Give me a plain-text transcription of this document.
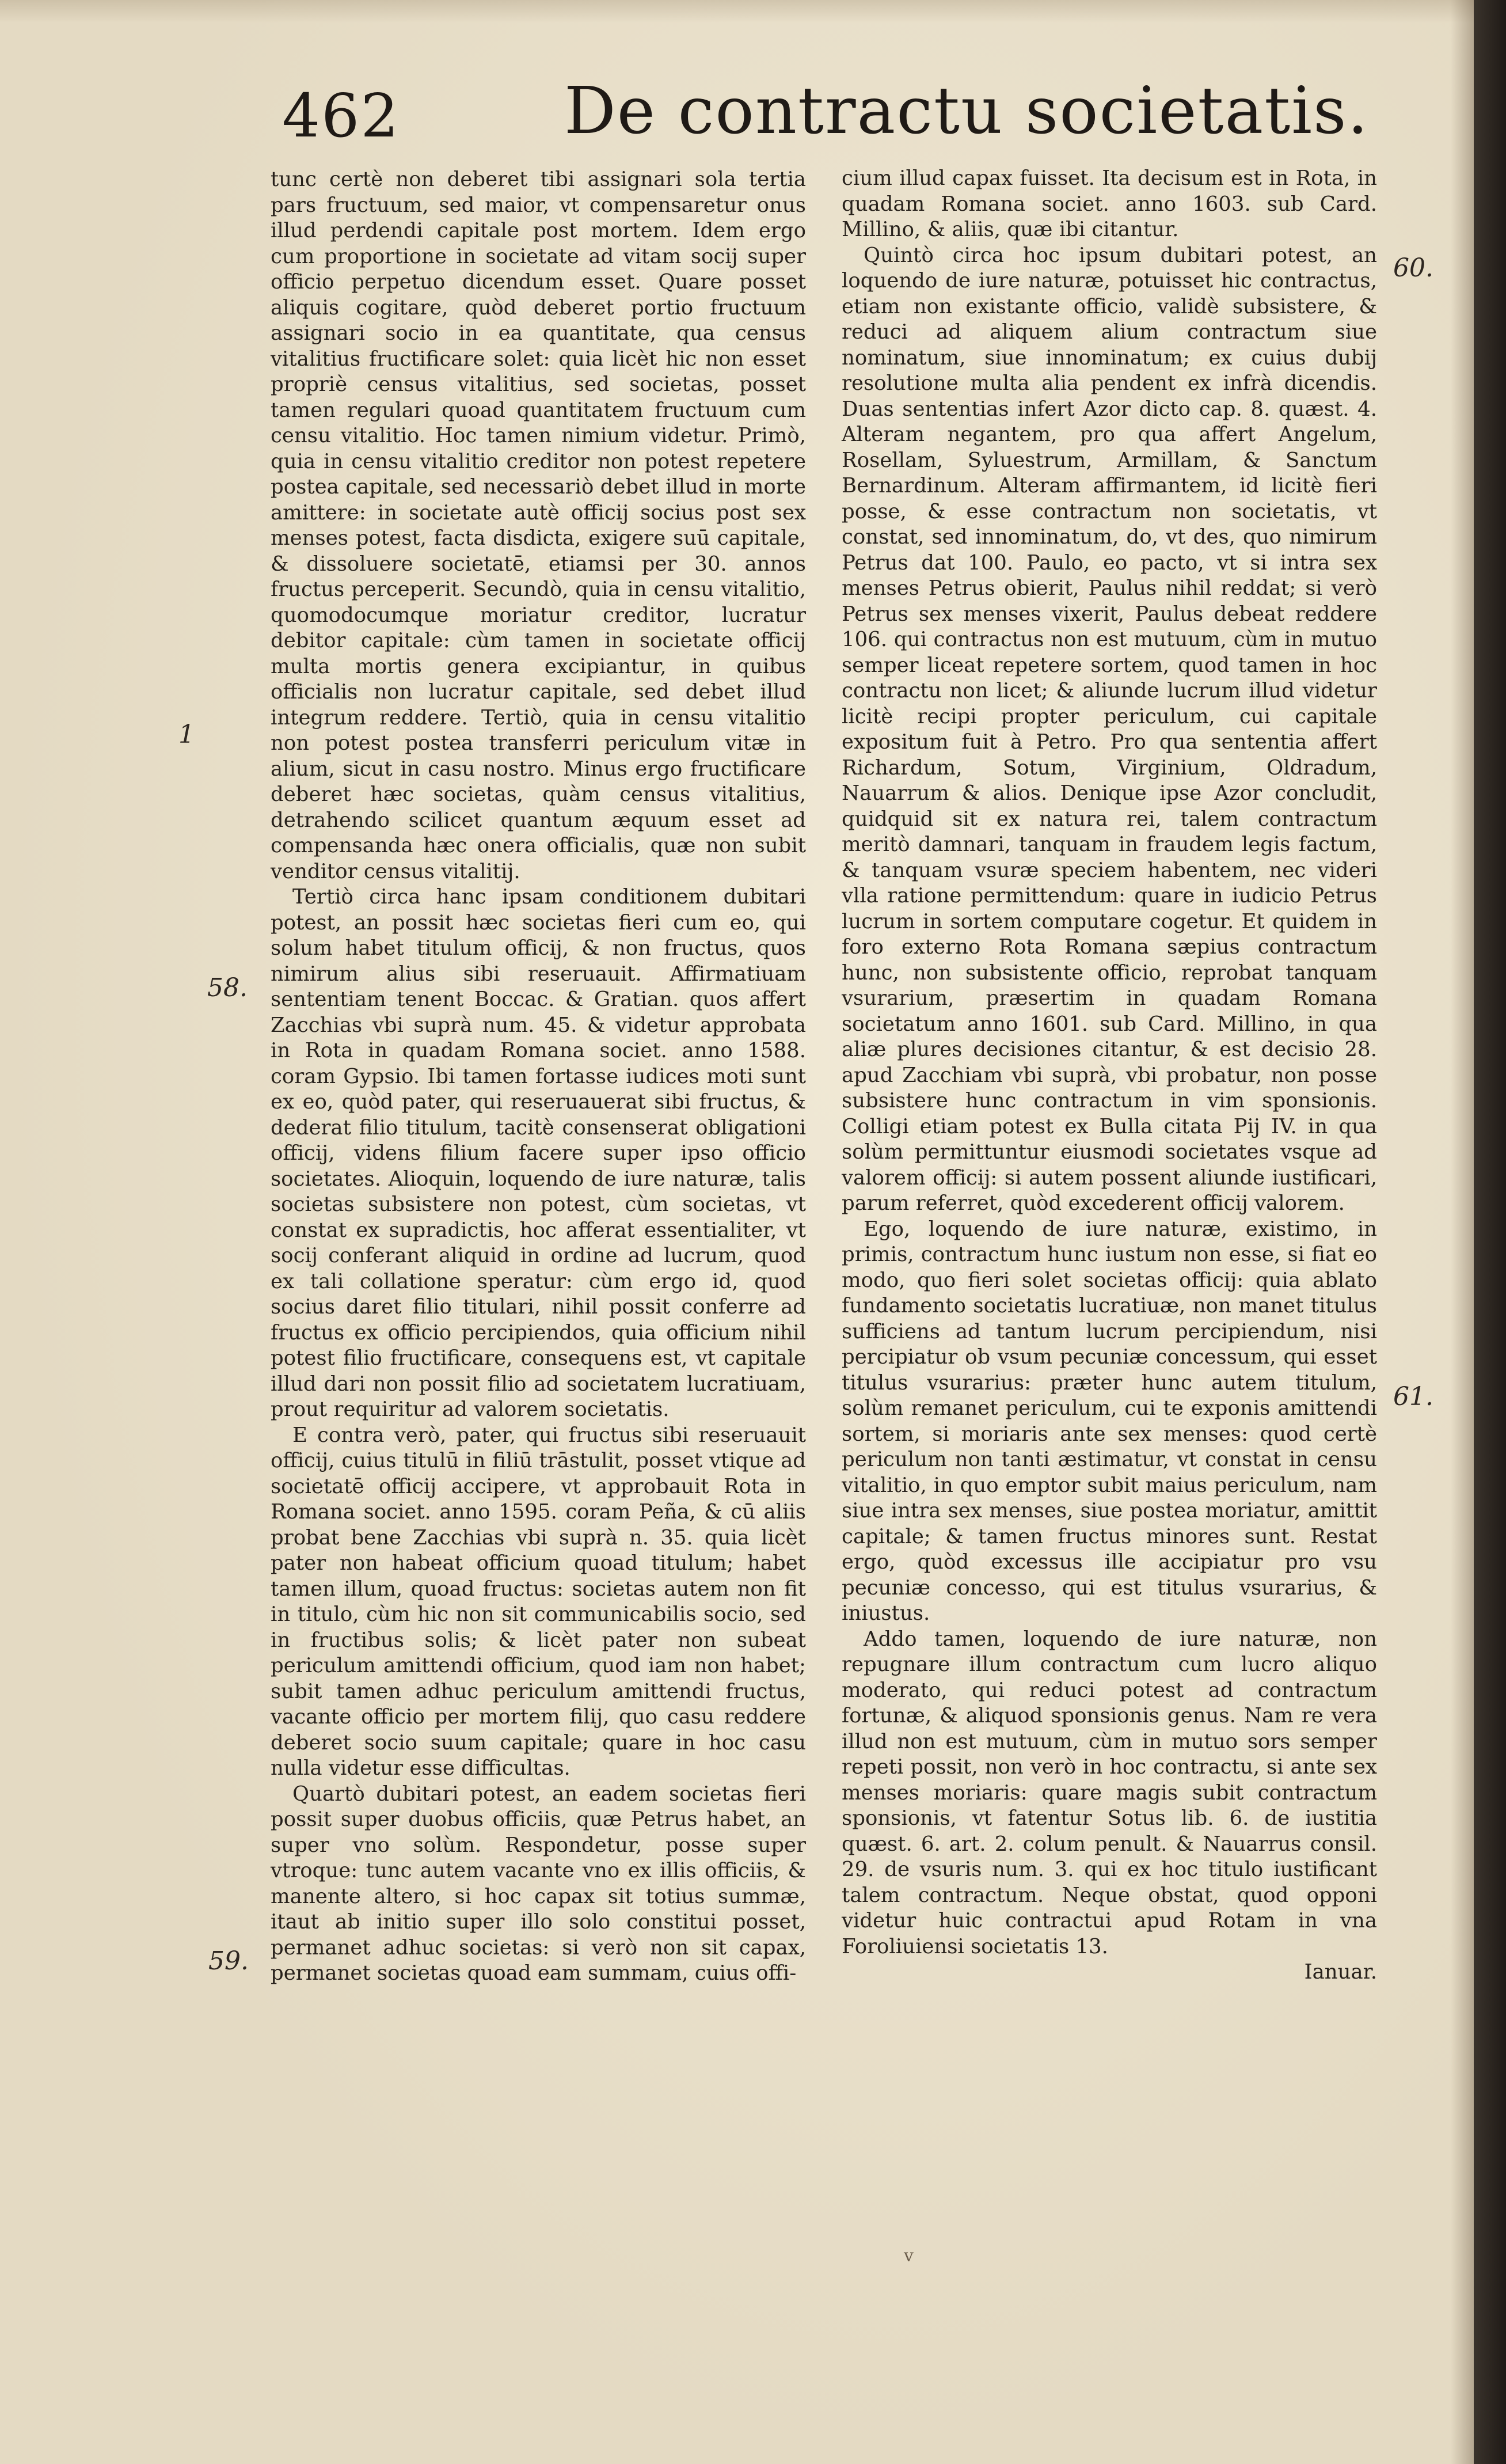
462	De contractu societatis.

tunc certè non deberet tibi assignari sola tertia pars fructuum, sed maior, vt compensaretur onus illud perdendi capitale post mortem. Idem ergo cum proportione in societate ad vitam socij super officio perpetuo dicendum esset. Quare posset aliquis cogitare, quòd deberet portio fructuum assignari socio in ea quantitate, qua census vitalitius fructificare solet: quia licèt hic non esset propriè census vitalitius, sed societas, posset tamen regulari quoad quantitatem fructuum cum censu vitalitio. Hoc tamen nimium videtur. Primò, quia in censu vitalitio creditor non potest repetere postea capitale, sed necessariò debet illud in morte amittere: in societate autè officij socius post sex menses potest, facta disdicta, exigere suū capitale, & dissoluere societatē, etiamsi per 30. annos fructus perceperit. Secundò, quia in censu vitalitio, quomodocumque moriatur creditor, lucratur debitor capitale: cùm tamen in societate officij multa mortis genera excipiantur, in quibus officialis non lucratur capitale, sed debet illud integrum reddere. Tertiò, quia in censu vitalitio non potest postea transferri periculum vitæ in alium, sicut in casu nostro. Minus ergo fructificare deberet hæc societas, quàm census vitalitius, detrahendo scilicet quantum æquum esset ad compensanda hæc onera officialis, quæ non subit venditor census vitalitij.

Tertiò circa hanc ipsam conditionem dubitari potest, an possit hæc societas fieri cum eo, qui solum habet titulum officij, & non fructus, quos nimirum alius sibi reseruauit. Affirmatiuam sententiam tenent Boccac. & Gratian. quos affert Zacchias vbi suprà num. 45. & videtur approbata in Rota in quadam Romana societ. anno 1588. coram Gypsio. Ibi tamen fortasse iudices moti sunt ex eo, quòd pater, qui reseruauerat sibi fructus, & dederat filio titulum, tacitè consenserat obligationi officij, videns filium facere super ipso officio societates. Alioquin, loquendo de iure naturæ, talis societas subsistere non potest, cùm societas, vt constat ex supradictis, hoc afferat essentialiter, vt socij conferant aliquid in ordine ad lucrum, quod ex tali collatione speratur: cùm ergo id, quod socius daret filio titulari, nihil possit conferre ad fructus ex officio percipiendos, quia officium nihil potest filio fructificare, consequens est, vt capitale illud dari non possit filio ad societatem lucratiuam, prout requiritur ad valorem societatis.

E contra verò, pater, qui fructus sibi reseruauit officij, cuius titulū in filiū trāstulit, posset vtique ad societatē officij accipere, vt approbauit Rota in Romana societ. anno 1595. coram Peña, & cū aliis probat bene Zacchias vbi suprà n. 35. quia licèt pater non habeat officium quoad titulum; habet tamen illum, quoad fructus: societas autem non fit in titulo, cùm hic non sit communicabilis socio, sed in fructibus solis; & licèt pater non subeat periculum amittendi officium, quod iam non habet; subit tamen adhuc periculum amittendi fructus, vacante officio per mortem filij, quo casu reddere deberet socio suum capitale; quare in hoc casu nulla videtur esse difficultas.

Quartò dubitari potest, an eadem societas fieri possit super duobus officiis, quæ Petrus habet, an super vno solùm. Respondetur, posse super vtroque: tunc autem vacante vno ex illis officiis, & manente altero, si hoc capax sit totius summæ, itaut ab initio super illo solo constitui posset, permanet adhuc societas: si verò non sit capax, permanet societas quoad eam summam, cuius offi-

cium illud capax fuisset. Ita decisum est in Rota, in quadam Romana societ. anno 1603. sub Card. Millino, & aliis, quæ ibi citantur.

Quintò circa hoc ipsum dubitari potest, an loquendo de iure naturæ, potuisset hic contractus, etiam non existante officio, validè subsistere, & reduci ad aliquem alium contractum siue nominatum, siue innominatum; ex cuius dubij resolutione multa alia pendent ex infrà dicendis. Duas sententias infert Azor dicto cap. 8. quæst. 4. Alteram negantem, pro qua affert Angelum, Rosellam, Syluestrum, Armillam, & Sanctum Bernardinum. Alteram affirmantem, id licitè fieri posse, & esse contractum non societatis, vt constat, sed innominatum, do, vt des, quo nimirum Petrus dat 100. Paulo, eo pacto, vt si intra sex menses Petrus obierit, Paulus nihil reddat; si verò Petrus sex menses vixerit, Paulus debeat reddere 106. qui contractus non est mutuum, cùm in mutuo semper liceat repetere sortem, quod tamen in hoc contractu non licet; & aliunde lucrum illud videtur licitè recipi propter periculum, cui capitale expositum fuit à Petro. Pro qua sententia affert Richardum, Sotum, Virginium, Oldradum, Nauarrum & alios. Denique ipse Azor concludit, quidquid sit ex natura rei, talem contractum meritò damnari, tanquam in fraudem legis factum, & tanquam vsuræ speciem habentem, nec videri vlla ratione permittendum: quare in iudicio Petrus lucrum in sortem computare cogetur. Et quidem in foro externo Rota Romana sæpius contractum hunc, non subsistente officio, reprobat tanquam vsurarium, præsertim in quadam Romana societatum anno 1601. sub Card. Millino, in qua aliæ plures decisiones citantur, & est decisio 28. apud Zacchiam vbi suprà, vbi probatur, non posse subsistere hunc contractum in vim sponsionis. Colligi etiam potest ex Bulla citata Pij IV. in qua solùm permittuntur eiusmodi societates vsque ad valorem officij: si autem possent aliunde iustificari, parum referret, quòd excederent officij valorem.

Ego, loquendo de iure naturæ, existimo, in primis, contractum hunc iustum non esse, si fiat eo modo, quo fieri solet societas officij: quia ablato fundamento societatis lucratiuæ, non manet titulus sufficiens ad tantum lucrum percipiendum, nisi percipiatur ob vsum pecuniæ concessum, qui esset titulus vsurarius: præter hunc autem titulum, solùm remanet periculum, cui te exponis amittendi sortem, si moriaris ante sex menses: quod certè periculum non tanti æstimatur, vt constat in censu vitalitio, in quo emptor subit maius periculum, nam siue intra sex menses, siue postea moriatur, amittit capitale; & tamen fructus minores sunt. Restat ergo, quòd excessus ille accipiatur pro vsu pecuniæ concesso, qui est titulus vsurarius, & iniustus.

Addo tamen, loquendo de iure naturæ, non repugnare illum contractum cum lucro aliquo moderato, qui reduci potest ad contractum fortunæ, & aliquod sponsionis genus. Nam re vera illud non est mutuum, cùm in mutuo sors semper repeti possit, non verò in hoc contractu, si ante sex menses moriaris: quare magis subit contractum sponsionis, vt fatentur Sotus lib. 6. de iustitia quæst. 6. art. 2. colum penult. & Nauarrus consil. 29. de vsuris num. 3. qui ex hoc titulo iustificant talem contractum. Neque obstat, quod opponi videtur huic contractui apud Rotam in vna Foroliuiensi societatis 13.

Ianuar.

1
58.
59.
60.
61.
v
